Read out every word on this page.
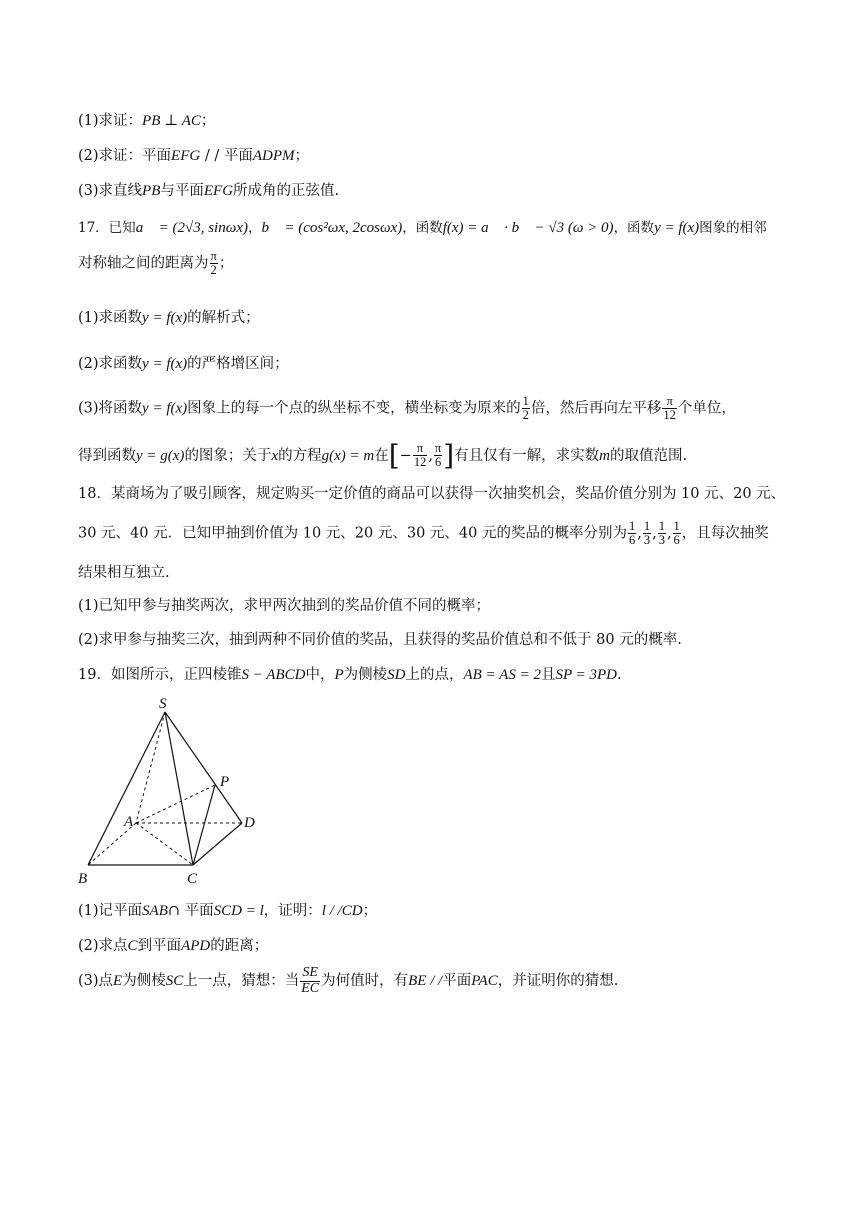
(1)求证：PB ⊥ AC；
(2)求证：平面EFG / / 平面ADPM；
(3)求直线PB与平面EFG所成角的正弦值.
17．已知a⃗ = (2√3, sinωx)，b⃗ = (cos²ωx, 2cosωx)，函数f(x) = a⃗ · b⃗ − √3 (ω > 0)，函数y = f(x)图象的相邻
对称轴之间的距离为 $\frac{\pi}{2}$ ；
(1)求函数y = f(x)的解析式；
(2)求函数y = f(x)的严格增区间；
(3)将函数y = f(x)图象上的每一个点的纵坐标不变，横坐标变为原来的 $\frac{1}{2}$ 倍，然后再向左平移 $\frac{\pi}{12}$ 个单位，
得到函数y = g(x)的图象；关于x的方程g(x) = m在[− $\frac{\pi}{12}$ , $\frac{\pi}{6}$ ]有且仅有一解，求实数m的取值范围.
18．某商场为了吸引顾客，规定购买一定价值的商品可以获得一次抽奖机会，奖品价值分别为 10 元、20 元、
30 元、40 元．已知甲抽到价值为 10 元、20 元、30 元、40 元的奖品的概率分别为 $\frac{1}{6}$ , $\frac{1}{3}$ , $\frac{1}{3}$ , $\frac{1}{6}$ ，且每次抽奖
结果相互独立.
(1)已知甲参与抽奖两次，求甲两次抽到的奖品价值不同的概率；
(2)求甲参与抽奖三次，抽到两种不同价值的奖品，且获得的奖品价值总和不低于 80 元的概率.
19．如图所示，正四棱锥S − ABCD中，P为侧棱SD上的点，AB = AS = 2且SP = 3PD.
S
P
A	D
B	C
(1)记平面SAB∩ 平面SCD = l，证明：l / /CD；
(2)求点C到平面APD的距离；
(3)点E为侧棱SC上一点，猜想：当 $\frac{SE}{EC}$ 为何值时，有BE / /平面PAC，并证明你的猜想.
